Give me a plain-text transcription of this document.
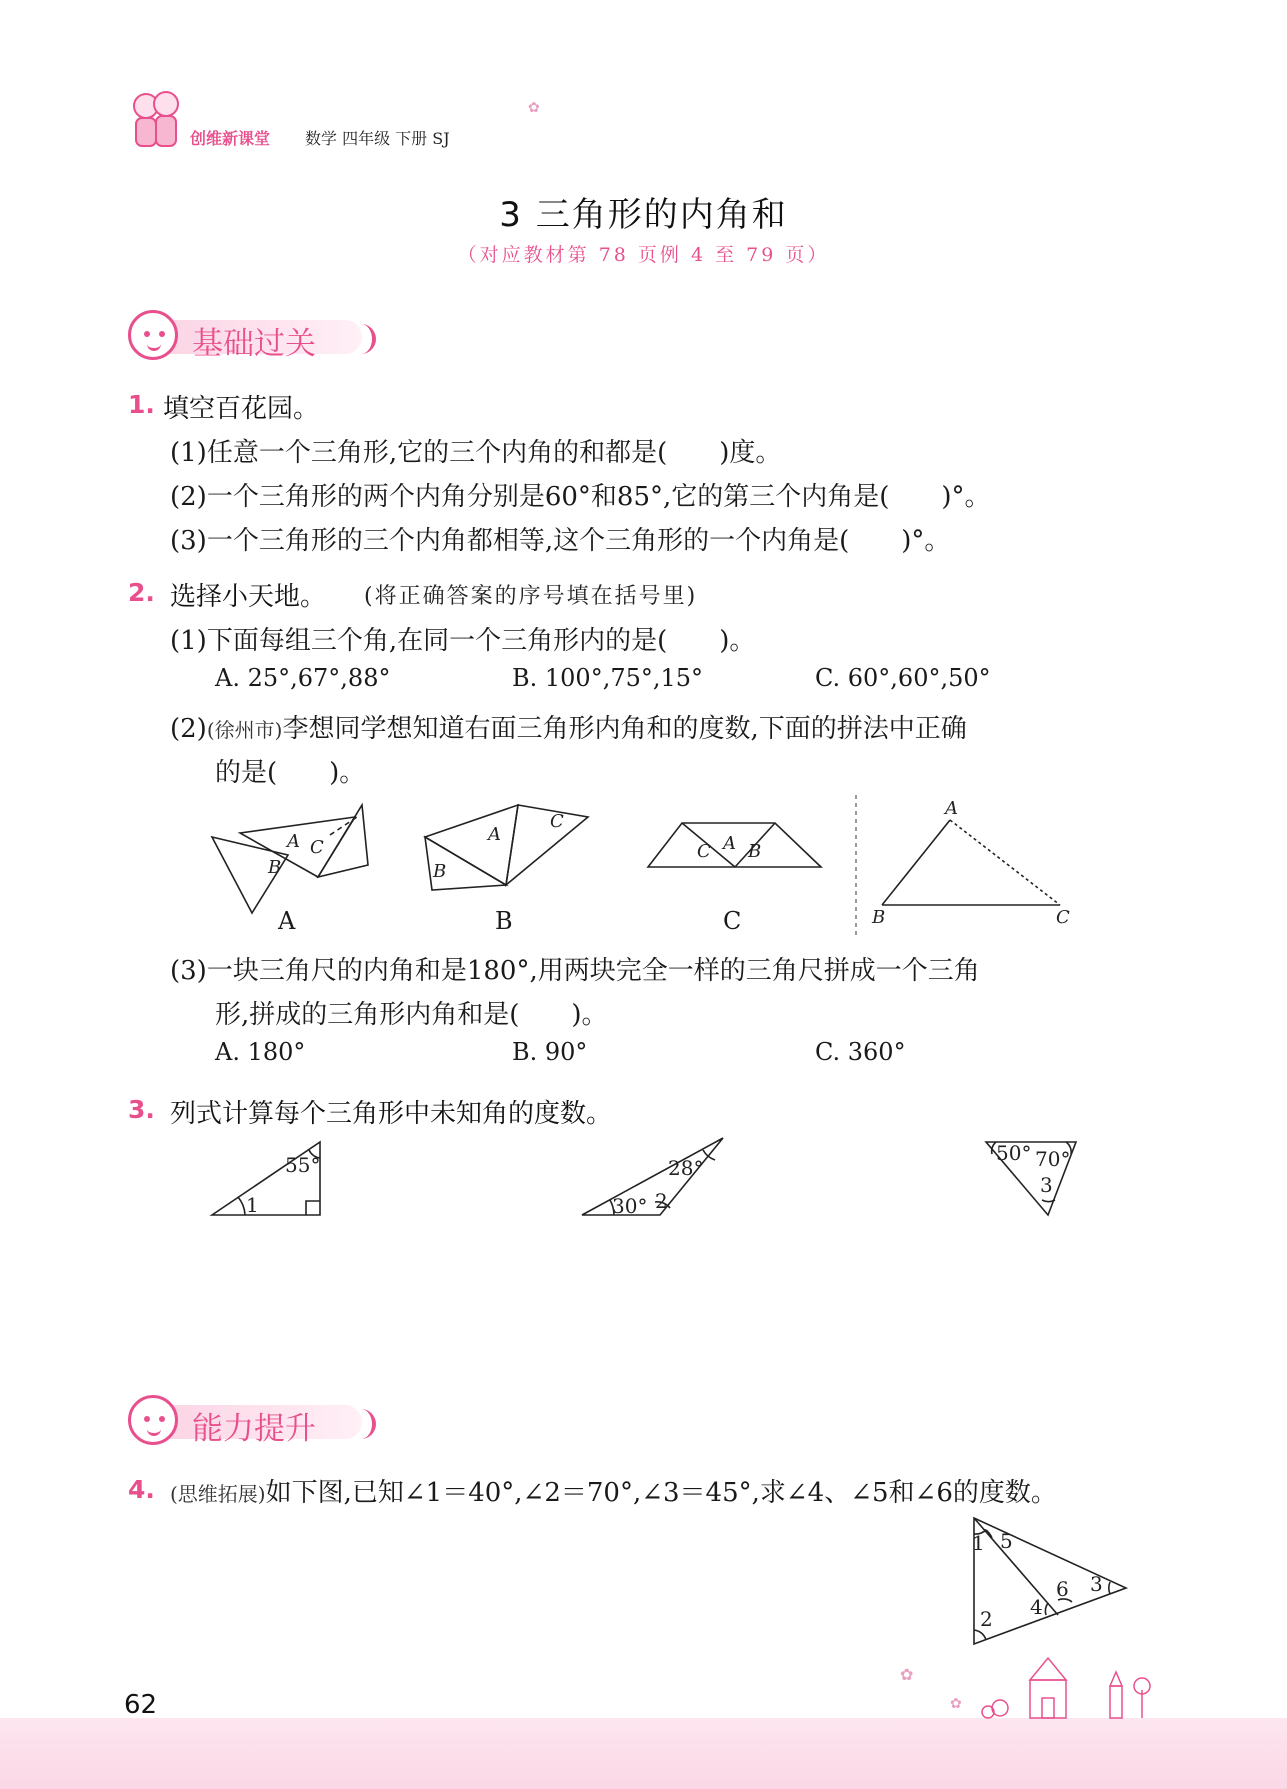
创维新课堂 数学 四年级 下册 SJ
✿
3 三角形的内角和
（对应教材第 78 页例 4 至 79 页）
基础过关
1. 填空百花园。
(1)任意一个三角形,它的三个内角的和都是(　　)度。
(2)一个三角形的两个内角分别是60°和85°,它的第三个内角是(　　)°。
(3)一个三角形的三个内角都相等,这个三角形的一个内角是(　　)°。
2. 选择小天地。 (将正确答案的序号填在括号里)
(1)下面每组三个角,在同一个三角形内的是(　　)。
A. 25°,67°,88°	B. 100°,75°,15°	C. 60°,60°,50°
(2)(徐州市)李想同学想知道右面三角形内角和的度数,下面的拼法中正确
的是(　　)。
A
B
C
A
B
C
C A B
A
B	C
A	B	C
(3)一块三角尺的内角和是180°,用两块完全一样的三角尺拼成一个三角
形,拼成的三角形内角和是(　　)。
A. 180°	B. 90°	C. 360°
3. 列式计算每个三角形中未知角的度数。
55°
1
28°
30° 2
50° 70°
3
能力提升
4. (思维拓展)如下图,已知∠1＝40°,∠2＝70°,∠3＝45°,求∠4、∠5和∠6的度数。
1 5
6 3
2 4
✿
✿
62
